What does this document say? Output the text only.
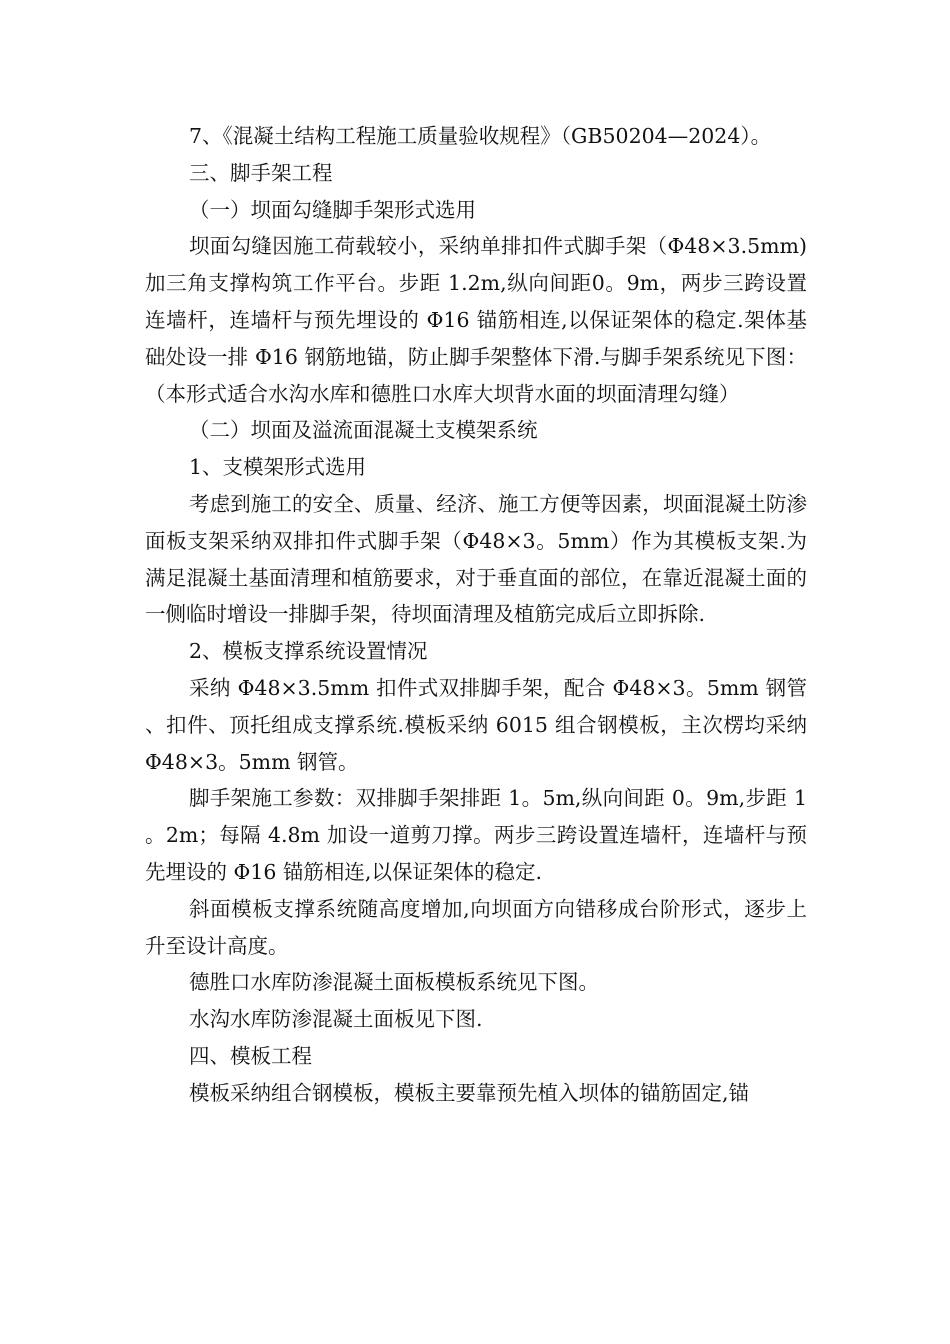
7、《混凝土结构工程施工质量验收规程》（GB50204—2024）。

三、脚手架工程

（一）坝面勾缝脚手架形式选用

坝面勾缝因施工荷载较小，采纳单排扣件式脚手架（Φ48×3.5mm)加三角支撑构筑工作平台。步距 1.2m,纵向间距0。9m，两步三跨设置连墙杆，连墙杆与预先埋设的 Φ16 锚筋相连,以保证架体的稳定.架体基础处设一排 Φ16 钢筋地锚，防止脚手架整体下滑.与脚手架系统见下图：（本形式适合水沟水库和德胜口水库大坝背水面的坝面清理勾缝）

（二）坝面及溢流面混凝土支模架系统

1、支模架形式选用

考虑到施工的安全、质量、经济、施工方便等因素，坝面混凝土防渗面板支架采纳双排扣件式脚手架（Φ48×3。5mm）作为其模板支架.为满足混凝土基面清理和植筋要求，对于垂直面的部位，在靠近混凝土面的一侧临时增设一排脚手架，待坝面清理及植筋完成后立即拆除.

2、模板支撑系统设置情况

采纳 Φ48×3.5mm 扣件式双排脚手架，配合 Φ48×3。5mm 钢管、扣件、顶托组成支撑系统.模板采纳 6015 组合钢模板，主次楞均采纳 Φ48×3。5mm 钢管。

脚手架施工参数：双排脚手架排距 1。5m,纵向间距 0。9m,步距 1。2m；每隔 4.8m 加设一道剪刀撑。两步三跨设置连墙杆，连墙杆与预先埋设的 Φ16 锚筋相连,以保证架体的稳定.

斜面模板支撑系统随高度增加,向坝面方向错移成台阶形式，逐步上升至设计高度。

德胜口水库防渗混凝土面板模板系统见下图。

水沟水库防渗混凝土面板见下图.

四、模板工程

模板采纳组合钢模板，模板主要靠预先植入坝体的锚筋固定,锚
